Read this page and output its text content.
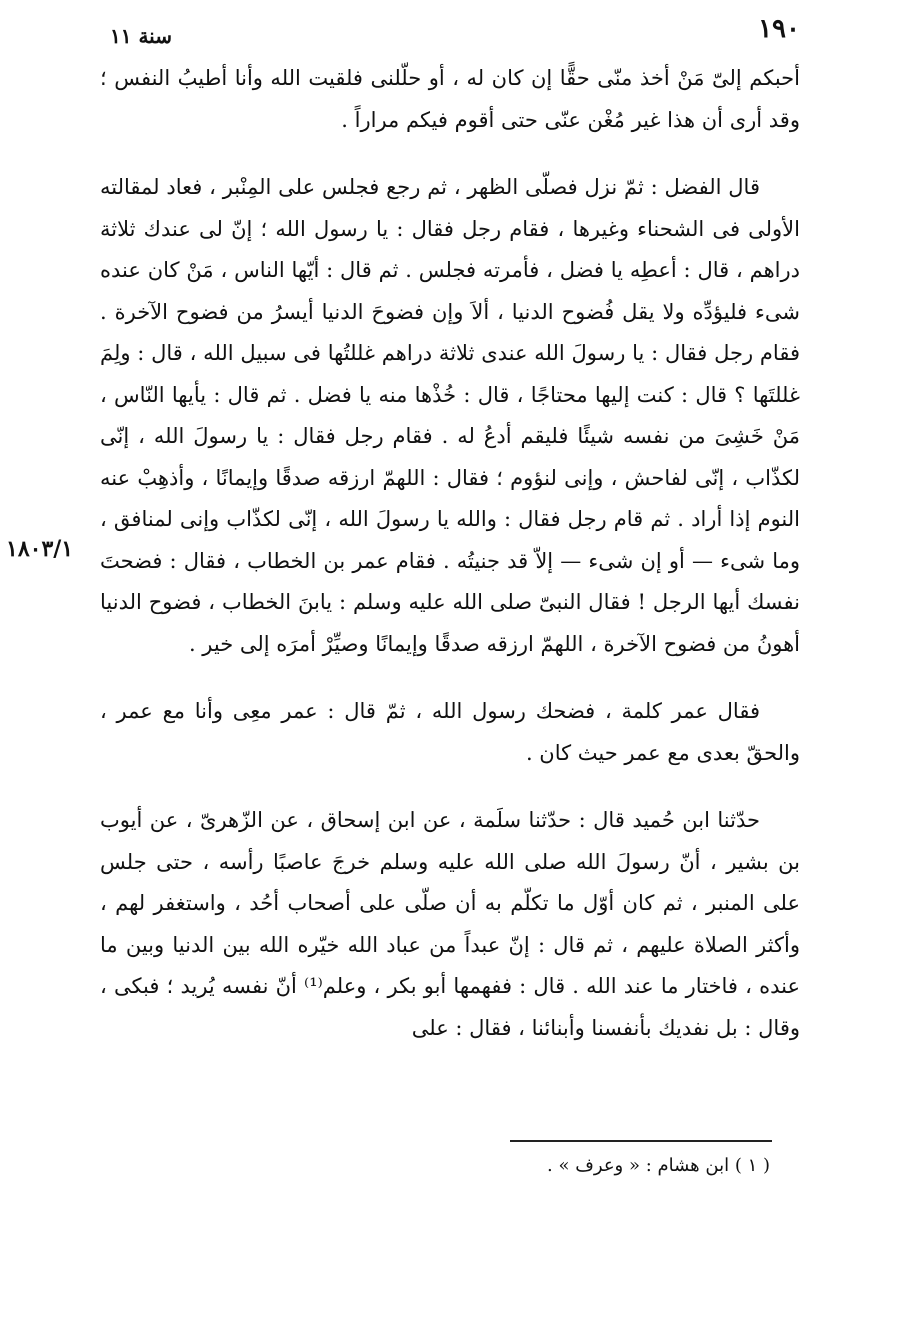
١٩٠
سنة ١١
١٨٠٣/١

أحبكم إلىّ مَنْ أخذ منّى حقًّا إن كان له ، أو حلّلنى فلقيت الله وأنا أطيبُ النفس ؛ وقد أرى أن هذا غير مُغْن عنّى حتى أقوم فيكم مراراً .

قال الفضل : ثمّ نزل فصلّى الظهر ، ثم رجع فجلس على المِنْبر ، فعاد لمقالته الأولى فى الشحناء وغيرها ، فقام رجل فقال : يا رسول الله ؛ إنّ لى عندك ثلاثة دراهم ، قال : أعطِه يا فضل ، فأمرته فجلس . ثم قال : أيّها الناس ، مَنْ كان عنده شىء فليؤدِّه ولا يقل فُضوح الدنيا ، ألاَ وإن فضوحَ الدنيا أيسرُ من فضوح الآخرة . فقام رجل فقال : يا رسولَ الله عندى ثلاثة دراهم غللتُها فى سبيل الله ، قال : ولِمَ غللتَها ؟ قال : كنت إليها محتاجًا ، قال : خُذْها منه يا فضل . ثم قال : يأيها النّاس ، مَنْ خَشِىَ من نفسه شيئًا فليقم أدعُ له . فقام رجل فقال : يا رسولَ الله ، إنّى لكذّاب ، إنّى لفاحش ، وإنى لنؤوم ؛ فقال : اللهمّ ارزقه صدقًا وإيمانًا ، وأذهِبْ عنه النوم إذا أراد . ثم قام رجل فقال : والله يا رسولَ الله ، إنّى لكذّاب وإنى لمنافق ، وما شىء — أو إن شىء — إلاّ قد جنيتُه . فقام عمر بن الخطاب ، فقال : فضحتَ نفسك أيها الرجل ! فقال النبىّ صلى الله عليه وسلم : يابنَ الخطاب ، فضوح الدنيا أهونُ من فضوح الآخرة ، اللهمّ ارزقه صدقًا وإيمانًا وصيِّرْ أمرَه إلى خير .

فقال عمر كلمة ، فضحك رسول الله ، ثمّ قال : عمر معِى وأنا مع عمر ، والحقّ بعدى مع عمر حيث كان .

حدّثنا ابن حُميد قال : حدّثنا سلَمة ، عن ابن إسحاق ، عن الزّهرىّ ، عن أيوب بن بشير ، أنّ رسولَ الله صلى الله عليه وسلم خرجَ عاصبًا رأسه ، حتى جلس على المنبر ، ثم كان أوّل ما تكلّم به أن صلّى على أصحاب أحُد ، واستغفر لهم ، وأكثر الصلاة عليهم ، ثم قال : إنّ عبداً من عباد الله خيّره الله بين الدنيا وبين ما عنده ، فاختار ما عند الله . قال : ففهمها أبو بكر ، وعلم⁽¹⁾ أنّ نفسه يُريد ؛ فبكى ، وقال : بل نفديك بأنفسنا وأبنائنا ، فقال : على

( ١ ) ابن هشام : « وعرف » .
